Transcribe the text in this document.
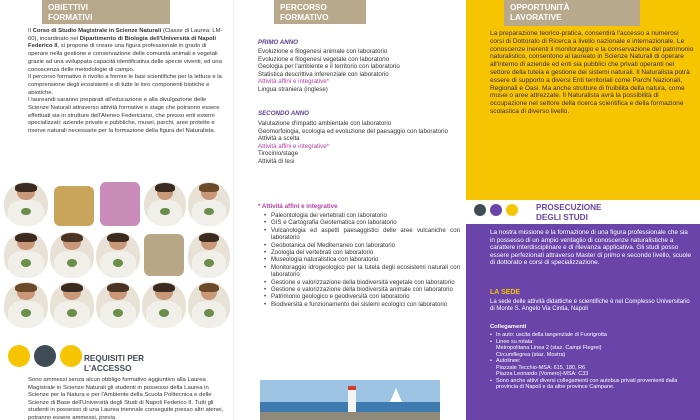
OBIETTIVI
FORMATIVI

Il Corso di Studio Magistrale in Scienze Naturali (Classe di Laurea: LM-60), incardinato nel Dipartimento di Biologia dell'Università di Napoli Federico II, si propone di creare una figura professionale in grado di operare nella gestione e conservazione delle comunità animali e vegetali grazie ad una sviluppata capacità identificativa delle specie viventi, ed una conoscenza delle metodologie di campo.

Il percorso formativo è rivolto a fornire le basi scientifiche per la lettura e la comprensione degli ecosistemi e di tutte le loro componenti biotiche e abiotiche.

I laureandi saranno preparati all'educazione e alla divulgazione delle Scienze Naturali attraverso attività formative e stage che potranno essere effettuati sia in strutture dell'Ateneo Federiciano, che presso enti esterni specializzati: aziende private e pubbliche, musei, parchi, aree protette e riserve naturali necessarie per la formazione della figura del Naturalista.

REQUISITI PER
L'ACCESSO
Sono ammessi senza alcun obbligo formativo aggiuntivo alla Laurea Magistrale in Scienze Naturali gli studenti in possesso della Laurea in Scienze per la Natura e per l'Ambiente della Scuola Politecnica e delle Scienze di Base dell'Università degli Studi di Napoli Federico II. Tutti gli studenti in possesso di una Laurea triennale conseguite presso altri atenei, potranno essere ammessi, previa
PERCORSO
FORMATIVO
PRIMO ANNO
Evoluzione e filogenesi animale con laboratorio
Evoluzione e filogenesi vegetale con laboratorio
Geologia per l'ambiente e il territorio con laboratorio
Statistica descrittiva inferenziale con laboratorio
Attività affini e integrative*
Lingua straniera (inglese)
SECONDO ANNO
Valutazione d'impatto ambientale con laboratorio
Geomorfologia, ecologia ed evoluzione del paesaggio con laboratorio
Attività a scelta
Attività affini e integrative*
Tirocinio/stage
Attività di tesi
* Attività affini e integrative
• Paleontologia dei vertebrati con laboratorio
• GIS e Cartografia Geotematica con laboratorio
• Vulcanologia ed aspetti paesaggistici delle aree vulcaniche con laboratorio
• Geobotanica del Mediterraneo con laboratorio
• Zoologia dei vertebrati con laboratorio
• Museologia naturalistica con laboratorio
• Monitoraggio idrogeologico per la tutela degli ecosistemi naturali con laboratorio
• Gestione e valorizzazione della biodiversità vegetale con laboratorio
• Gestione e valorizzazione della biodiversità animale con laboratorio
• Patrimonio geologico e geodiversità con laboratorio
• Biodiversità e funzionamento dei sistemi ecologici con laboratorio
OPPORTUNITÀ
LAVORATIVE
La preparazione teorico-pratica, consentirà l'accesso a numerosi corsi di Dottorato di Ricerca a livello nazionale e internazionale. Le conoscenze inerenti il monitoraggio e la conservazione del patrimonio naturalistico, consentono al laureato in Scienze Naturali di operare all'interno di aziende ed enti sia pubblici che privati operanti nel settore della tutela e gestione dei sistemi naturali. Il Naturalista potrà essere di supporto a diversi Enti territoriali come Parchi Nazionali, Regionali e Oasi. Ma anche strutture di fruibilità della natura, come musei o aree attrezzate. Il Naturalista avrà la possibilità di occupazione nel settore della ricerca scientifica e della formazione scolastica di diverso livello.
PROSECUZIONE
DEGLI STUDI
La nostra missione è la formazione di una figura professionale che sia in possesso di un ampio ventaglio di conoscenze naturalistiche a carattere interdisciplinare e di rilevanza applicativa. Gli studi posso essere perfezionati attraverso Master di primo e secondo livello, scuole di dottorato e corsi di specializzazione.
LA SEDE
La sede delle attività didattiche e scientifiche è nel Complesso Universitario di Monte S. Angelo Via Cintia, Napoli
Collegamenti
• In auto: uscita della tangenziale di Fuorigrotta
• Linee su rotaia:
Metropolitana Linea 2 (staz. Campi Flegrei)
Circumflegrea (staz. Mostra)
• Autolinee:
Piazzale Tecchio-MSA: 615, 180, R6
Piazza Leonardo (Vomero)-MSA: C33
• Sono anche attivi diversi collegamenti con autobus privati provenienti dalla provincia di Napoli e da altre province Campane.
